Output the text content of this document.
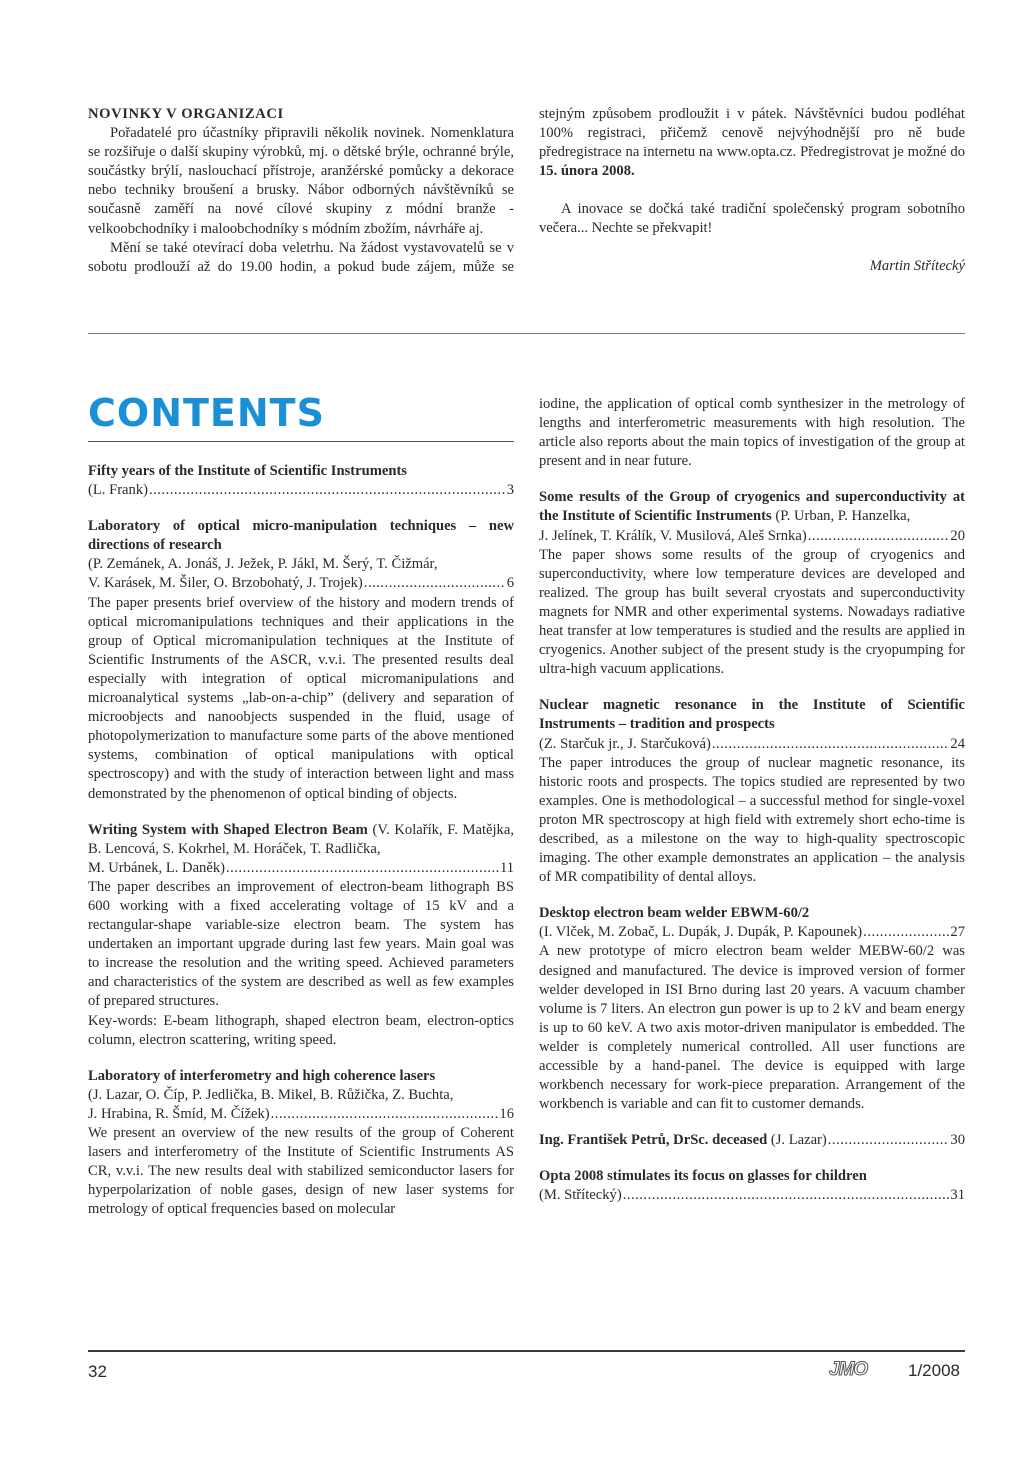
NOVINKY V ORGANIZACI

Pořadatelé pro účastníky připravili několik novinek. Nomenklatura se rozšiřuje o další skupiny výrobků, mj. o dětské brýle, ochranné brýle, součástky brýlí, naslouchací přístroje, aranžérské pomůcky a dekorace nebo techniky broušení a brusky. Nábor odborných návštěvníků se současně zaměří na nové cílové skupiny z módní branže - velkoobchodníky i maloobchodníky s módním zbožím, návrháře aj.

Mění se také otevírací doba veletrhu. Na žádost vystavovatelů se v sobotu prodlouží až do 19.00 hodin, a pokud bude zájem, může se

stejným způsobem prodloužit i v pátek. Návštěvníci budou podléhat 100% registraci, přičemž cenově nejvýhodnější pro ně bude předregistrace na internetu na www.opta.cz. Předregistrovat je možné do 15. února 2008.

A inovace se dočká také tradiční společenský program sobotního večera... Nechte se překvapit!

Martin Střítecký

CONTENTS

Fifty years of the Institute of Scientific Instruments

(L. Frank) .....	3

Laboratory of optical micro-manipulation techniques – new directions of research

(P. Zemánek, A. Jonáš, J. Ježek, P. Jákl, M. Šerý, T. Čižmár,

V. Karásek, M. Šiler, O. Brzobohatý, J. Trojek) .....	6

The paper presents brief overview of the history and modern trends of optical micromanipulations techniques and their applications in the group of Optical micromanipulation techniques at the Institute of Scientific Instruments of the ASCR, v.v.i. The presented results deal especially with integration of optical micromanipulations and microanalytical systems „lab-on-a-chip” (delivery and separation of microobjects and nanoobjects suspended in the fluid, usage of photopolymerization to manufacture some parts of the above mentioned systems, combination of optical manipulations with optical spectroscopy) and with the study of interaction between light and mass demonstrated by the phenomenon of optical binding of objects.

Writing System with Shaped Electron Beam (V. Kolařík, F. Matějka, B. Lencová, S. Kokrhel, M. Horáček, T. Radlička,

M. Urbánek, L. Daněk) .....	11

The paper describes an improvement of electron-beam lithograph BS 600 working with a fixed accelerating voltage of 15 kV and a rectangular-shape variable-size electron beam. The system has undertaken an important upgrade during last few years. Main goal was to increase the resolution and the writing speed. Achieved parameters and characteristics of the system are described as well as few examples of prepared structures.

Key-words: E-beam lithograph, shaped electron beam, electron-optics column, electron scattering, writing speed.

Laboratory of interferometry and high coherence lasers

(J. Lazar, O. Číp, P. Jedlička, B. Mikel, B. Růžička, Z. Buchta,

J. Hrabina, R. Šmíd, M. Čížek) .....	16

We present an overview of the new results of the group of Coherent lasers and interferometry of the Institute of Scientific Instruments AS CR, v.v.i. The new results deal with stabilized semiconductor lasers for hyperpolarization of noble gases, design of new laser systems for metrology of optical frequencies based on molecular

iodine, the application of optical comb synthesizer in the metrology of lengths and interferometric measurements with high resolution. The article also reports about the main topics of investigation of the group at present and in near future.

Some results of the Group of cryogenics and superconductivity at the Institute of Scientific Instruments (P. Urban, P. Hanzelka,

J. Jelínek, T. Králík, V. Musilová, Aleš Srnka) .....	20

The paper shows some results of the group of cryogenics and superconductivity, where low temperature devices are developed and realized. The group has built several cryostats and superconductivity magnets for NMR and other experimental systems. Nowadays radiative heat transfer at low temperatures is studied and the results are applied in cryogenics. Another subject of the present study is the cryopumping for ultra-high vacuum applications.

Nuclear magnetic resonance in the Institute of Scientific Instruments – tradition and prospects

(Z. Starčuk jr., J. Starčuková) .....	24

The paper introduces the group of nuclear magnetic resonance, its historic roots and prospects. The topics studied are represented by two examples. One is methodological – a successful method for single-voxel proton MR spectroscopy at high field with extremely short echo-time is described, as a milestone on the way to high-quality spectroscopic imaging. The other example demonstrates an application – the analysis of MR compatibility of dental alloys.

Desktop electron beam welder EBWM-60/2

(I. Vlček, M. Zobač, L. Dupák, J. Dupák, P. Kapounek) .....	27

A new prototype of micro electron beam welder MEBW-60/2 was designed and manufactured. The device is improved version of former welder developed in ISI Brno during last 20 years. A vacuum chamber volume is 7 liters. An electron gun power is up to 2 kV and beam energy is up to 60 keV. A two axis motor-driven manipulator is embedded. The welder is completely numerical controlled. All user functions are accessible by a hand-panel. The device is equipped with large workbench necessary for work-piece preparation. Arrangement of the workbench is variable and can fit to customer demands.

Ing. František Petrů, DrSc. deceased (J. Lazar) .....	30

Opta 2008 stimulates its focus on glasses for children

(M. Střítecký) .....	31

32	JMO 1/2008
